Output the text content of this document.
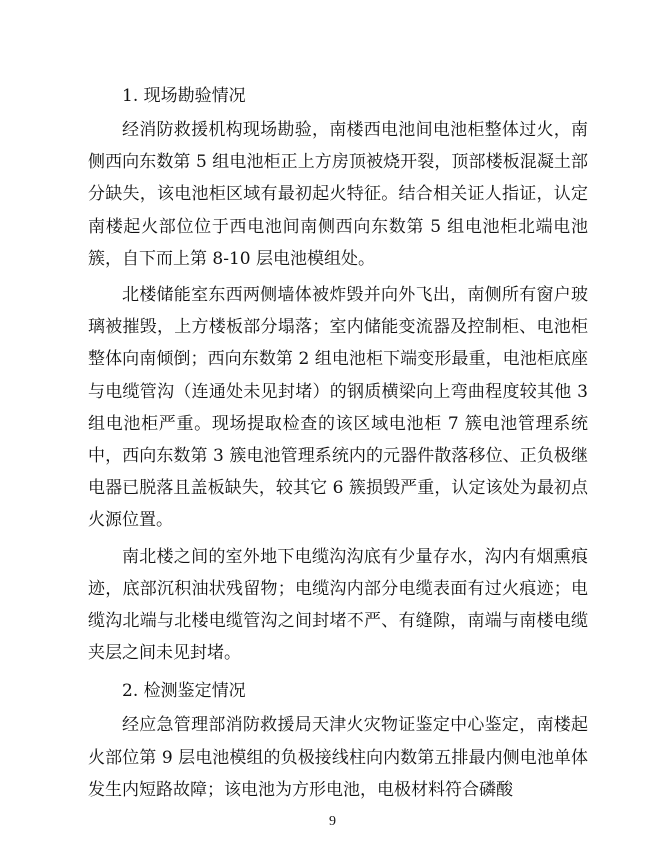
1. 现场勘验情况

经消防救援机构现场勘验，南楼西电池间电池柜整体过火，南侧西向东数第 5 组电池柜正上方房顶被烧开裂，顶部楼板混凝土部分缺失，该电池柜区域有最初起火特征。结合相关证人指证，认定南楼起火部位位于西电池间南侧西向东数第 5 组电池柜北端电池簇，自下而上第 8-10 层电池模组处。

北楼储能室东西两侧墙体被炸毁并向外飞出，南侧所有窗户玻璃被摧毁，上方楼板部分塌落；室内储能变流器及控制柜、电池柜整体向南倾倒；西向东数第 2 组电池柜下端变形最重，电池柜底座与电缆管沟（连通处未见封堵）的钢质横梁向上弯曲程度较其他 3 组电池柜严重。现场提取检查的该区域电池柜 7 簇电池管理系统中，西向东数第 3 簇电池管理系统内的元器件散落移位、正负极继电器已脱落且盖板缺失，较其它 6 簇损毁严重，认定该处为最初点火源位置。

南北楼之间的室外地下电缆沟沟底有少量存水，沟内有烟熏痕迹，底部沉积油状残留物；电缆沟内部分电缆表面有过火痕迹；电缆沟北端与北楼电缆管沟之间封堵不严、有缝隙，南端与南楼电缆夹层之间未见封堵。

2. 检测鉴定情况

经应急管理部消防救援局天津火灾物证鉴定中心鉴定，南楼起火部位第 9 层电池模组的负极接线柱向内数第五排最内侧电池单体发生内短路故障；该电池为方形电池，电极材料符合磷酸

9
